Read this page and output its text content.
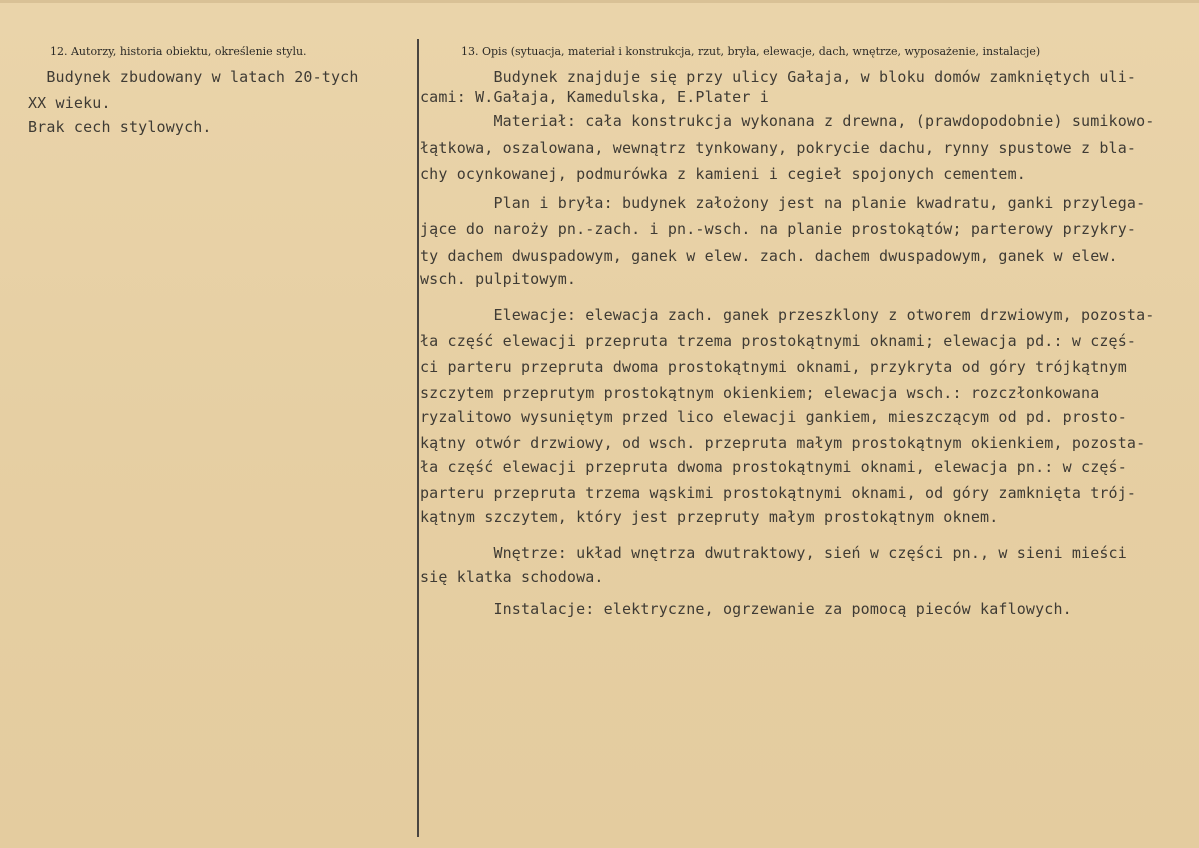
12. Autorzy, historia obiektu, określenie stylu.	13. Opis (sytuacja, materiał i konstrukcja, rzut, bryła, elewacje, dach, wnętrze, wyposażenie, instalacje)
Budynek zbudowany w latach 20-tych
XX wieku.
Brak cech stylowych.
Budynek znajduje się przy ulicy Gałaja, w bloku domów zamkniętych uli-
cami: W.Gałaja, Kamedulska, E.Plater i
Materiał: cała konstrukcja wykonana z drewna, (prawdopodobnie) sumikowo-
łątkowa, oszalowana, wewnątrz tynkowany, pokrycie dachu, rynny spustowe z bla-
chy ocynkowanej, podmurówka z kamieni i cegieł spojonych cementem.
Plan i bryła: budynek założony jest na planie kwadratu, ganki przylega-
jące do naroży pn.-zach. i pn.-wsch. na planie prostokątów; parterowy przykry-
ty dachem dwuspadowym, ganek w elew. zach. dachem dwuspadowym, ganek w elew.
wsch. pulpitowym.
Elewacje: elewacja zach. ganek przeszklony z otworem drzwiowym, pozosta-
ła część elewacji przepruta trzema prostokątnymi oknami; elewacja pd.: w częś-
ci parteru przepruta dwoma prostokątnymi oknami, przykryta od góry trójkątnym
szczytem przeprutym prostokątnym okienkiem; elewacja wsch.: rozczłonkowana
ryzalitowo wysuniętym przed lico elewacji gankiem, mieszczącym od pd. prosto-
kątny otwór drzwiowy, od wsch. przepruta małym prostokątnym okienkiem, pozosta-
ła część elewacji przepruta dwoma prostokątnymi oknami, elewacja pn.: w częś-
parteru przepruta trzema wąskimi prostokątnymi oknami, od góry zamknięta trój-
kątnym szczytem, który jest przepruty małym prostokątnym oknem.
Wnętrze: układ wnętrza dwutraktowy, sień w części pn., w sieni mieści
się klatka schodowa.
Instalacje: elektryczne, ogrzewanie za pomocą pieców kaflowych.
